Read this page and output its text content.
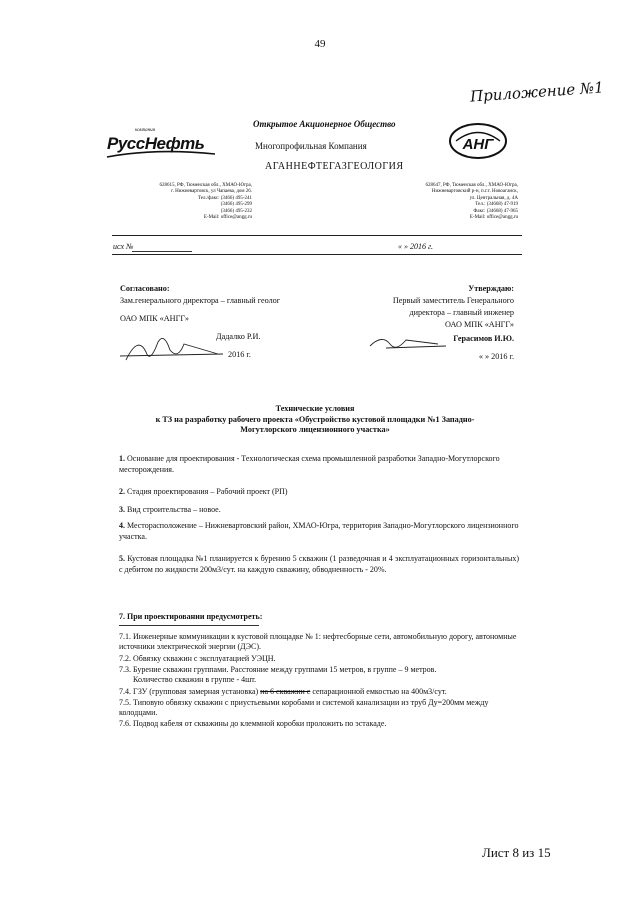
49
Приложение №1
компания
РуссНефть
Открытое Акционерное Общество
Многопрофильная Компания
АГАННЕФТЕГАЗГЕОЛОГИЯ
АНГ
628615, РФ, Тюменская обл., ХМАО-Югра,
г. Нижневартовск, ул Чапаева, дом 26.
Тел./факс: (3466) 495-241
(3466) 495-299
(3466) 495-232
E-Mail: office@angg.ru
628647, РФ, Тюменская обл., ХМАО-Югра,
Нижневартовский р-н, п.г.т. Новоаганск,
ул. Центральная, д. 4А
Тел.: (34668) 47-919
Факс: (34668) 47-965
E-Mail: office@angg.ru
исх №	« » 2016 г.
Согласовано:
Зам.генерального директора – главный геолог
ОАО МПК «АНГГ»
Дадалко Р.И.
2016 г.
Утверждаю:
Первый заместитель Генерального
директора – главный инженер
ОАО МПК «АНГГ»
Герасимов И.Ю.
« » 2016 г.
Технические условия
к ТЗ на разработку рабочего проекта «Обустройство кустовой площадки №1 Западно-
Могутлорского лицензионного участка»
1. Основание для проектирования - Технологическая схема промышленной разработки Западно-Могутлорского месторождения.
2. Стадия проектирования – Рабочий проект (РП)
3. Вид строительства – новое.
4. Месторасположение – Нижневартовский район, ХМАО-Югра, территория Западно-Могутлорского лицензионного участка.
5. Кустовая площадка №1 планируется к бурению 5 скважин (1 разведочная и 4 эксплуатационных горизонтальных) с дебитом по жидкости 200м3/сут. на каждую скважину, обводненность - 20%.
7. При проектировании предусмотреть:
7.1. Инженерные коммуникации к кустовой площадке № 1: нефтесборные сети, автомобильную дорогу, автономные источники электрической энергии (ДЭС).
7.2. Обвязку скважин с эксплуатацией УЭЦН.
7.3. Бурение скважин группами. Расстояние между группами 15 метров, в группе – 9 метров.
Количество скважин в группе - 4шт.
7.4. ГЗУ (групповая замерная установка) на 6 скважин с сепарационной емкостью на 400м3/сут.
7.5. Типовую обвязку скважин с приустьевыми коробами и системой канализации из труб Ду=200мм между колодцами.
7.6. Подвод кабеля от скважины до клеммной коробки проложить по эстакаде.
Лист 8 из 15
